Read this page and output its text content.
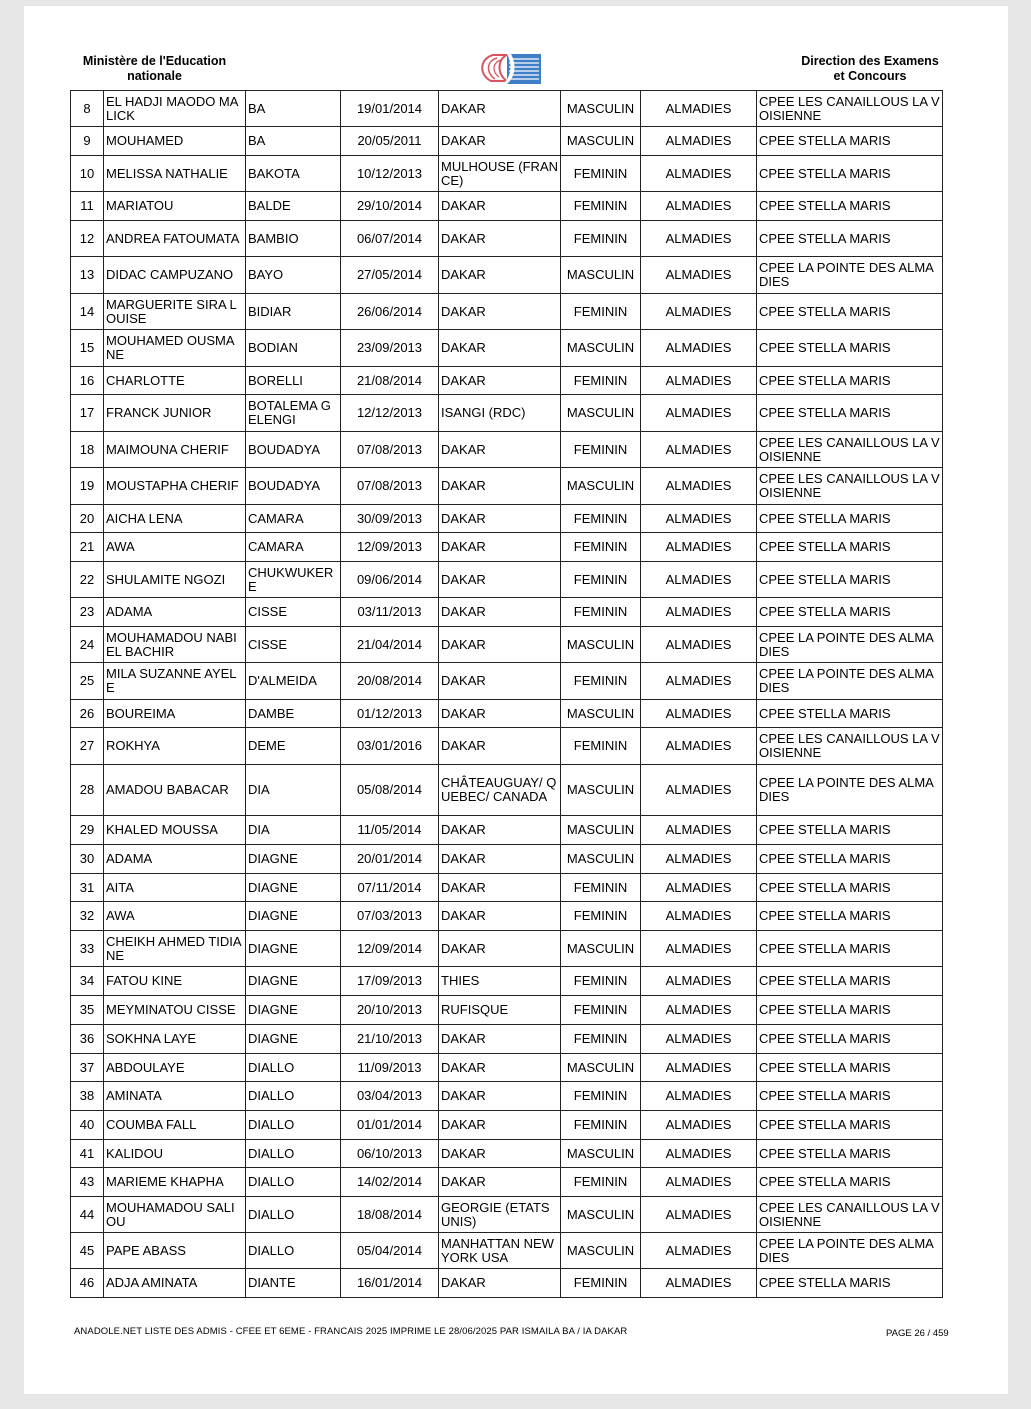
Ministère de l'Education
nationale
Direction des Examens
et Concours
8	EL HADJI MAODO MALICK	BA	19/01/2014	DAKAR	MASCULIN	ALMADIES	CPEE LES CANAILLOUS LA VOISIENNE
9	MOUHAMED	BA	20/05/2011	DAKAR	MASCULIN	ALMADIES	CPEE STELLA MARIS
10	MELISSA NATHALIE	BAKOTA	10/12/2013	MULHOUSE (FRANCE)	FEMININ	ALMADIES	CPEE STELLA MARIS
11	MARIATOU	BALDE	29/10/2014	DAKAR	FEMININ	ALMADIES	CPEE STELLA MARIS
12	ANDREA FATOUMATA	BAMBIO	06/07/2014	DAKAR	FEMININ	ALMADIES	CPEE STELLA MARIS
13	DIDAC CAMPUZANO	BAYO	27/05/2014	DAKAR	MASCULIN	ALMADIES	CPEE LA POINTE DES ALMADIES
14	MARGUERITE SIRA LOUISE	BIDIAR	26/06/2014	DAKAR	FEMININ	ALMADIES	CPEE STELLA MARIS
15	MOUHAMED OUSMANE	BODIAN	23/09/2013	DAKAR	MASCULIN	ALMADIES	CPEE STELLA MARIS
16	CHARLOTTE	BORELLI	21/08/2014	DAKAR	FEMININ	ALMADIES	CPEE STELLA MARIS
17	FRANCK JUNIOR	BOTALEMA GELENGI	12/12/2013	ISANGI (RDC)	MASCULIN	ALMADIES	CPEE STELLA MARIS
18	MAIMOUNA CHERIF	BOUDADYA	07/08/2013	DAKAR	FEMININ	ALMADIES	CPEE LES CANAILLOUS LA VOISIENNE
19	MOUSTAPHA CHERIF	BOUDADYA	07/08/2013	DAKAR	MASCULIN	ALMADIES	CPEE LES CANAILLOUS LA VOISIENNE
20	AICHA LENA	CAMARA	30/09/2013	DAKAR	FEMININ	ALMADIES	CPEE STELLA MARIS
21	AWA	CAMARA	12/09/2013	DAKAR	FEMININ	ALMADIES	CPEE STELLA MARIS
22	SHULAMITE NGOZI	CHUKWUKERE	09/06/2014	DAKAR	FEMININ	ALMADIES	CPEE STELLA MARIS
23	ADAMA	CISSE	03/11/2013	DAKAR	FEMININ	ALMADIES	CPEE STELLA MARIS
24	MOUHAMADOU NABI EL BACHIR	CISSE	21/04/2014	DAKAR	MASCULIN	ALMADIES	CPEE LA POINTE DES ALMADIES
25	MILA SUZANNE AYELE	D'ALMEIDA	20/08/2014	DAKAR	FEMININ	ALMADIES	CPEE LA POINTE DES ALMADIES
26	BOUREIMA	DAMBE	01/12/2013	DAKAR	MASCULIN	ALMADIES	CPEE STELLA MARIS
27	ROKHYA	DEME	03/01/2016	DAKAR	FEMININ	ALMADIES	CPEE LES CANAILLOUS LA VOISIENNE
28	AMADOU BABACAR	DIA	05/08/2014	CHÂTEAUGUAY/ QUEBEC/ CANADA	MASCULIN	ALMADIES	CPEE LA POINTE DES ALMADIES
29	KHALED MOUSSA	DIA	11/05/2014	DAKAR	MASCULIN	ALMADIES	CPEE STELLA MARIS
30	ADAMA	DIAGNE	20/01/2014	DAKAR	MASCULIN	ALMADIES	CPEE STELLA MARIS
31	AITA	DIAGNE	07/11/2014	DAKAR	FEMININ	ALMADIES	CPEE STELLA MARIS
32	AWA	DIAGNE	07/03/2013	DAKAR	FEMININ	ALMADIES	CPEE STELLA MARIS
33	CHEIKH AHMED TIDIANE	DIAGNE	12/09/2014	DAKAR	MASCULIN	ALMADIES	CPEE STELLA MARIS
34	FATOU KINE	DIAGNE	17/09/2013	THIES	FEMININ	ALMADIES	CPEE STELLA MARIS
35	MEYMINATOU CISSE	DIAGNE	20/10/2013	RUFISQUE	FEMININ	ALMADIES	CPEE STELLA MARIS
36	SOKHNA LAYE	DIAGNE	21/10/2013	DAKAR	FEMININ	ALMADIES	CPEE STELLA MARIS
37	ABDOULAYE	DIALLO	11/09/2013	DAKAR	MASCULIN	ALMADIES	CPEE STELLA MARIS
38	AMINATA	DIALLO	03/04/2013	DAKAR	FEMININ	ALMADIES	CPEE STELLA MARIS
40	COUMBA FALL	DIALLO	01/01/2014	DAKAR	FEMININ	ALMADIES	CPEE STELLA MARIS
41	KALIDOU	DIALLO	06/10/2013	DAKAR	MASCULIN	ALMADIES	CPEE STELLA MARIS
43	MARIEME KHAPHA	DIALLO	14/02/2014	DAKAR	FEMININ	ALMADIES	CPEE STELLA MARIS
44	MOUHAMADOU SALIOU	DIALLO	18/08/2014	GEORGIE (ETATS UNIS)	MASCULIN	ALMADIES	CPEE LES CANAILLOUS LA VOISIENNE
45	PAPE ABASS	DIALLO	05/04/2014	MANHATTAN NEW YORK USA	MASCULIN	ALMADIES	CPEE LA POINTE DES ALMADIES
46	ADJA AMINATA	DIANTE	16/01/2014	DAKAR	FEMININ	ALMADIES	CPEE STELLA MARIS
ANADOLE.NET LISTE DES ADMIS - CFEE ET 6EME - FRANCAIS 2025 IMPRIME LE 28/06/2025 PAR ISMAILA BA / IA DAKAR	PAGE 26 / 459
